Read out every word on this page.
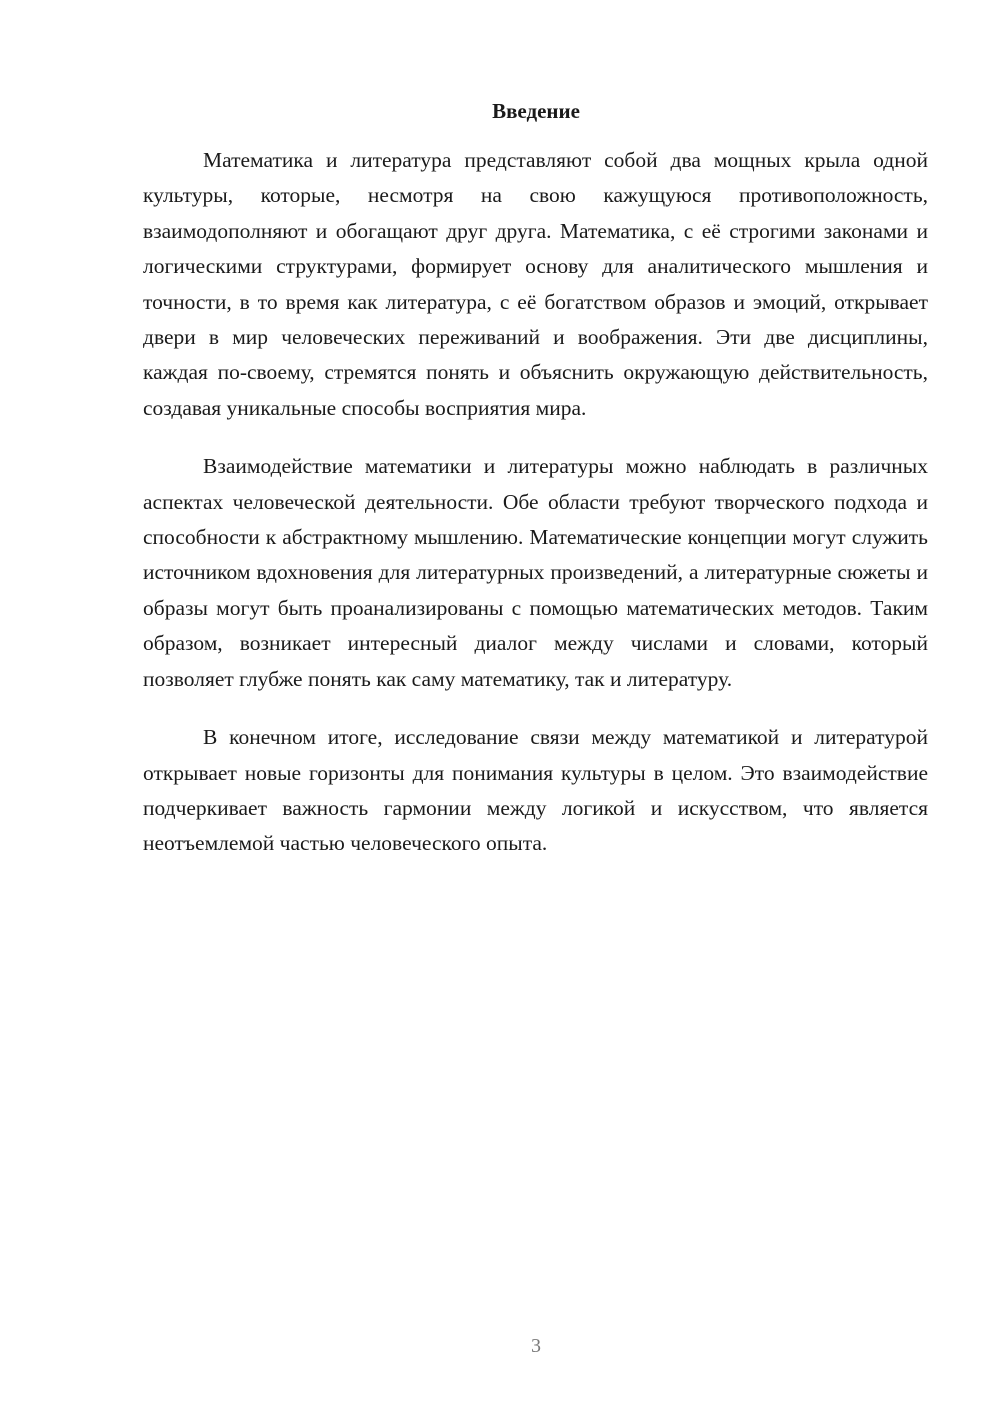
Введение

Математика и литература представляют собой два мощных крыла одной культуры, которые, несмотря на свою кажущуюся противоположность, взаимодополняют и обогащают друг друга. Математика, с её строгими законами и логическими структурами, формирует основу для аналитического мышления и точности, в то время как литература, с её богатством образов и эмоций, открывает двери в мир человеческих переживаний и воображения. Эти две дисциплины, каждая по-своему, стремятся понять и объяснить окружающую действительность, создавая уникальные способы восприятия мира.

Взаимодействие математики и литературы можно наблюдать в различных аспектах человеческой деятельности. Обе области требуют творческого подхода и способности к абстрактному мышлению. Математические концепции могут служить источником вдохновения для литературных произведений, а литературные сюжеты и образы могут быть проанализированы с помощью математических методов. Таким образом, возникает интересный диалог между числами и словами, который позволяет глубже понять как саму математику, так и литературу.

В конечном итоге, исследование связи между математикой и литературой открывает новые горизонты для понимания культуры в целом. Это взаимодействие подчеркивает важность гармонии между логикой и искусством, что является неотъемлемой частью человеческого опыта.

3
